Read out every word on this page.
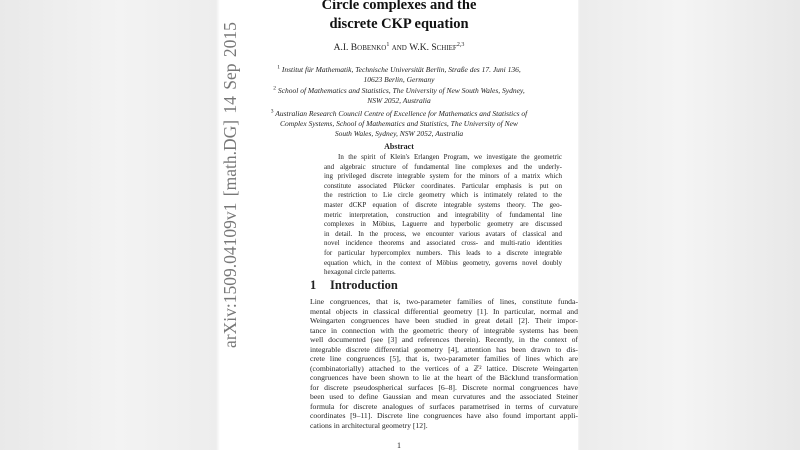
Circle complexes and the
discrete CKP equation
A.I. Bobenko$^1$ and W.K. Schief$^{2,3}$
$^1$ Institut für Mathematik, Technische Universität Berlin, Straße des 17. Juni 136,
10623 Berlin, Germany
$^2$ School of Mathematics and Statistics, The University of New South Wales, Sydney,
NSW 2052, Australia
$^3$ Australian Research Council Centre of Excellence for Mathematics and Statistics of
Complex Systems, School of Mathematics and Statistics, The University of New
South Wales, Sydney, NSW 2052, Australia
Abstract
In the spirit of Klein's Erlangen Program, we investigate the geometric
and algebraic structure of fundamental line complexes and the underly-
ing privileged discrete integrable system for the minors of a matrix which
constitute associated Plücker coordinates. Particular emphasis is put on
the restriction to Lie circle geometry which is intimately related to the
master dCKP equation of discrete integrable systems theory. The geo-
metric interpretation, construction and integrability of fundamental line
complexes in Möbius, Laguerre and hyperbolic geometry are discussed
in detail. In the process, we encounter various avatars of classical and
novel incidence theorems and associated cross- and multi-ratio identities
for particular hypercomplex numbers. This leads to a discrete integrable
equation which, in the context of Möbius geometry, governs novel doubly
hexagonal circle patterns.
1 Introduction
Line congruences, that is, two-parameter families of lines, constitute funda-
mental objects in classical differential geometry [1]. In particular, normal and
Weingarten congruences have been studied in great detail [2]. Their impor-
tance in connection with the geometric theory of integrable systems has been
well documented (see [3] and references therein). Recently, in the context of
integrable discrete differential geometry [4], attention has been drawn to dis-
crete line congruences [5], that is, two-parameter families of lines which are
(combinatorially) attached to the vertices of a ℤ² lattice. Discrete Weingarten
congruences have been shown to lie at the heart of the Bäcklund transformation
for discrete pseudospherical surfaces [6–8]. Discrete normal congruences have
been used to define Gaussian and mean curvatures and the associated Steiner
formula for discrete analogues of surfaces parametrised in terms of curvature
coordinates [9–11]. Discrete line congruences have also found important appli-
cations in architectural geometry [12].
1
arXiv:1509.04109v1 [math.DG] 14 Sep 2015
